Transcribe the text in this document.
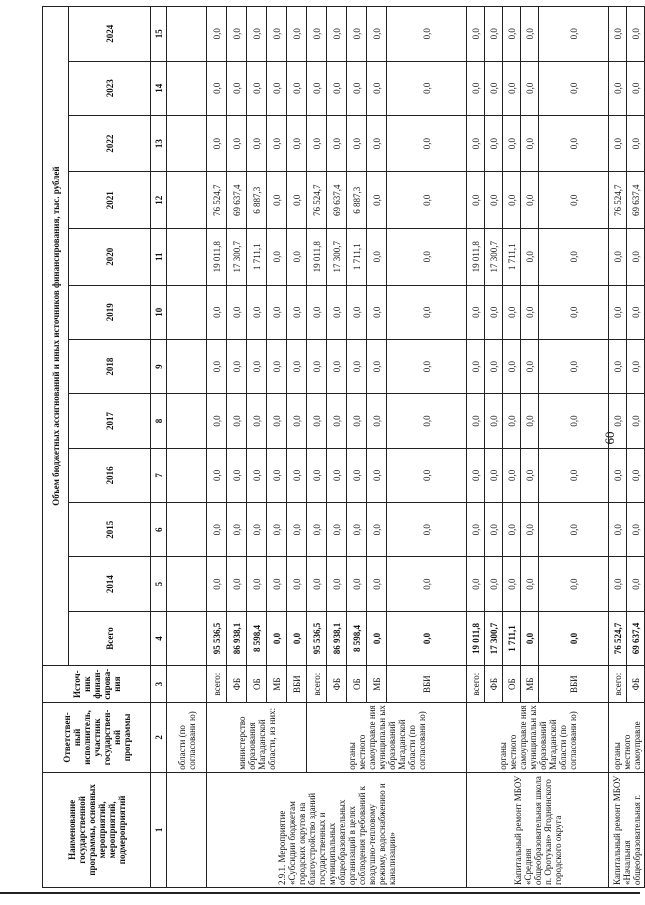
60
Наименование государственной программы, основных мероприятий, мероприятий, подмероприятий	Ответствен-ный исполнитель, участник государствен-ной программы	Источ-ник финан-сирова-ния	Объем бюджетных ассигнований и иных источников финансирования, тыс. рублей											
			Всего	2014	2015	2016	2017	2018	2019	2020	2021	2022	2023	2024
1	2	3	4	5	6	7	8	9	10	11	12	13	14	15
	области (по согласовани ю)													
2.9.1. Мероприятие «Субсидии бюджетам городских округов на благоустройство зданий государственных и муниципальных общеобразовательных организаций в целях соблюдения требований к воздушно-тепловому режиму, водоснабжению и канализации»	министерство образования Магаданской области, из них:	всего:	95 536,5	0,0	0,0	0,0	0,0	0,0	0,0	19 011,8	76 524,7	0,0	0,0	0,0
		ФБ	86 938,1	0,0	0,0	0,0	0,0	0,0	0,0	17 300,7	69 637,4	0,0	0,0	0,0
		ОБ	8 598,4	0,0	0,0	0,0	0,0	0,0	0,0	1 711,1	6 887,3	0,0	0,0	0,0
		МБ	0,0	0,0	0,0	0,0	0,0	0,0	0,0	0,0	0,0	0,0	0,0	0,0
		ВБИ	0,0	0,0	0,0	0,0	0,0	0,0	0,0	0,0	0,0	0,0	0,0	0,0
	органы местного самоуправле ния муниципальн ых образований Магаданской области (по согласовани ю)	всего:	95 536,5	0,0	0,0	0,0	0,0	0,0	0,0	19 011,8	76 524,7	0,0	0,0	0,0
		ФБ	86 938,1	0,0	0,0	0,0	0,0	0,0	0,0	17 300,7	69 637,4	0,0	0,0	0,0
		ОБ	8 598,4	0,0	0,0	0,0	0,0	0,0	0,0	1 711,1	6 887,3	0,0	0,0	0,0
		МБ	0,0	0,0	0,0	0,0	0,0	0,0	0,0	0,0	0,0	0,0	0,0	0,0
		ВБИ	0,0	0,0	0,0	0,0	0,0	0,0	0,0	0,0	0,0	0,0	0,0	0,0
Капитальный ремонт МБОУ «Средняя общеобразовательная школа п. Оротукан» Ягоднинского городского округа	органы местного самоуправле ния муниципальн ых образований Магаданской области (по согласовани ю)	всего:	19 011,8	0,0	0,0	0,0	0,0	0,0	0,0	19 011,8	0,0	0,0	0,0	0,0
		ФБ	17 300,7	0,0	0,0	0,0	0,0	0,0	0,0	17 300,7	0,0	0,0	0,0	0,0
		ОБ	1 711,1	0,0	0,0	0,0	0,0	0,0	0,0	1 711,1	0,0	0,0	0,0	0,0
		МБ	0,0	0,0	0,0	0,0	0,0	0,0	0,0	0,0	0,0	0,0	0,0	0,0
		ВБИ	0,0	0,0	0,0	0,0	0,0	0,0	0,0	0,0	0,0	0,0	0,0	0,0
Капитальный ремонт МБОУ «Начальная общеобразовательная г.	органы местного самоуправле	всего:	76 524,7	0,0	0,0	0,0	0,0	0,0	0,0	0,0	76 524,7	0,0	0,0	0,0
		ФБ	69 637,4	0,0	0,0	0,0	0,0	0,0	0,0	0,0	69 637,4	0,0	0,0	0,0
